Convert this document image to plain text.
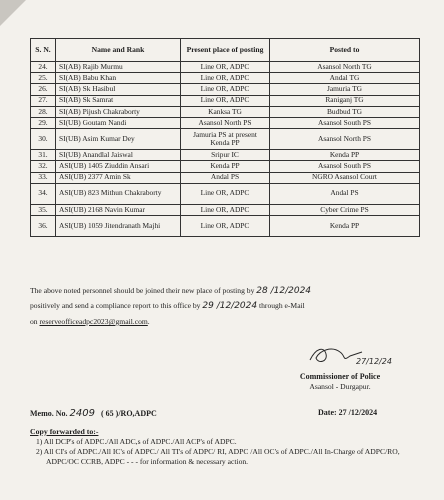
S. N.	Name and Rank	Present place of posting	Posted to
24.	SI(AB) Rajib Murmu	Line OR, ADPC	Asansol North TG
25.	SI(AB) Babu Khan	Line OR, ADPC	Andal TG
26.	SI(AB) Sk Hasibul	Line OR, ADPC	Jamuria TG
27.	SI(AB) Sk Samrat	Line OR, ADPC	Raniganj TG
28.	SI(AB) Pijush Chakraborty	Kanksa TG	Budbud TG
29.	SI(UB) Goutam Nandi	Asansol North PS	Asansol South PS
30.	SI(UB) Asim Kumar Dey	Jamuria PS at present Kenda PP	Asansol North PS
31.	SI(UB) Anandlal Jaiswal	Sripur IC	Kenda PP
32.	ASI(UB) 1405 Ziuddin Ansari	Kenda PP	Asansol South PS
33.	ASI(UB) 2377 Amin Sk	Andal PS	NGRO Asansol Court
34.	ASI(UB) 823 Mithun Chakraborty	Line OR, ADPC	Andal PS
35.	ASI(UB) 2168 Navin Kumar	Line OR, ADPC	Cyber Crime PS
36.	ASI(UB) 1059 Jitendranath Majhi	Line OR, ADPC	Kenda PP
The above noted personnel should be joined their new place of posting by 28 /12/2024
positively and send a compliance report to this office by 29 /12/2024 through e-Mail
on reserveofficeadpc2023@gmail.com.
27/12/24
Commissioner of Police
Asansol - Durgapur.
Memo. No. 2409 ( 65 )/RO,ADPC	Date: 27 /12/2024
Copy forwarded to:-
1) All DCP's of ADPC./All ADC,s of ADPC./All ACP's of ADPC.
2) All CI's of ADPC./All IC's of ADPC./ All TI's of ADPC/ RI, ADPC /All OC's of ADPC./All In-Charge of ADPC/RO, ADPC/OC CCRB, ADPC - - - for information & necessary action.
